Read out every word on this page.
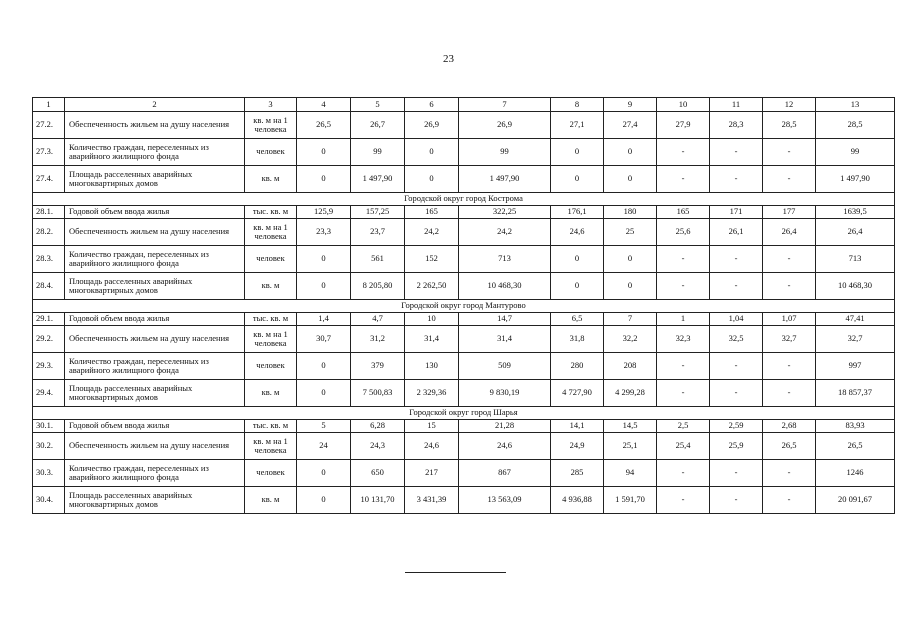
23
1	2	3	4	5	6	7	8	9	10	11	12	13
27.2.	Обеспеченность жильем на душу населения	кв. м на 1 человека	26,5	26,7	26,9	26,9	27,1	27,4	27,9	28,3	28,5	28,5
27.3.	Количество граждан, переселенных из аварийного жилищного фонда	человек	0	99	0	99	0	0	-	-	-	99
27.4.	Площадь расселенных аварийных многоквартирных домов	кв. м	0	1 497,90	0	1 497,90	0	0	-	-	-	1 497,90
Городской округ город Кострома												
28.1.	Годовой объем ввода жилья	тыс. кв. м	125,9	157,25	165	322,25	176,1	180	165	171	177	1639,5
28.2.	Обеспеченность жильем на душу населения	кв. м на 1 человека	23,3	23,7	24,2	24,2	24,6	25	25,6	26,1	26,4	26,4
28.3.	Количество граждан, переселенных из аварийного жилищного фонда	человек	0	561	152	713	0	0	-	-	-	713
28.4.	Площадь расселенных аварийных многоквартирных домов	кв. м	0	8 205,80	2 262,50	10 468,30	0	0	-	-	-	10 468,30
Городской округ город Мантурово												
29.1.	Годовой объем ввода жилья	тыс. кв. м	1,4	4,7	10	14,7	6,5	7	1	1,04	1,07	47,41
29.2.	Обеспеченность жильем на душу населения	кв. м на 1 человека	30,7	31,2	31,4	31,4	31,8	32,2	32,3	32,5	32,7	32,7
29.3.	Количество граждан, переселенных из аварийного жилищного фонда	человек	0	379	130	509	280	208	-	-	-	997
29.4.	Площадь расселенных аварийных многоквартирных домов	кв. м	0	7 500,83	2 329,36	9 830,19	4 727,90	4 299,28	-	-	-	18 857,37
Городской округ город Шарья												
30.1.	Годовой объем ввода жилья	тыс. кв. м	5	6,28	15	21,28	14,1	14,5	2,5	2,59	2,68	83,93
30.2.	Обеспеченность жильем на душу населения	кв. м на 1 человека	24	24,3	24,6	24,6	24,9	25,1	25,4	25,9	26,5	26,5
30.3.	Количество граждан, переселенных из аварийного жилищного фонда	человек	0	650	217	867	285	94	-	-	-	1246
30.4.	Площадь расселенных аварийных многоквартирных домов	кв. м	0	10 131,70	3 431,39	13 563,09	4 936,88	1 591,70	-	-	-	20 091,67
